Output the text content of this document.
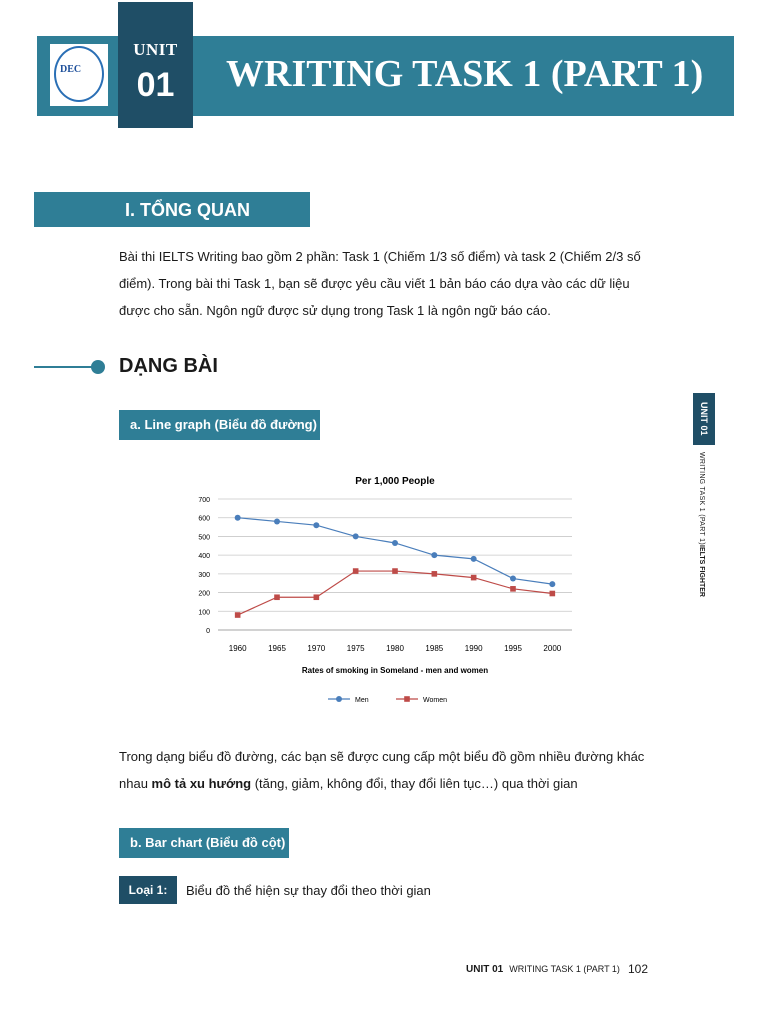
DEC
UNIT
01	WRITING TASK 1 (PART 1)
I. TỔNG QUAN
Bài thi IELTS Writing bao gồm 2 phần: Task 1 (Chiếm 1/3 số điểm) và task 2 (Chiếm 2/3 số điểm). Trong bài thi Task 1, bạn sẽ được yêu cầu viết 1 bản báo cáo dựa vào các dữ liệu được cho sẵn. Ngôn ngữ được sử dụng trong Task 1 là ngôn ngữ báo cáo.
DẠNG BÀI
a. Line graph (Biểu đồ đường)
Per 1,000 People
0
100
200
300
400
500
600
700
1960	1965	1970	1975	1980	1985	1990	1995	2000
Rates of smoking in Someland - men and women
Men	Women
Trong dạng biểu đồ đường, các bạn sẽ được cung cấp một biểu đồ gồm nhiều đường khác nhau mô tả xu hướng (tăng, giảm, không đổi, thay đổi liên tục…) qua thời gian
b. Bar chart (Biểu đồ cột)
Loại 1:	Biểu đồ thể hiện sự thay đổi theo thời gian
UNIT 01
WRITING TASK 1 (PART 1)
IELTS FIGHTER
UNIT 01 WRITING TASK 1 (PART 1) 102
